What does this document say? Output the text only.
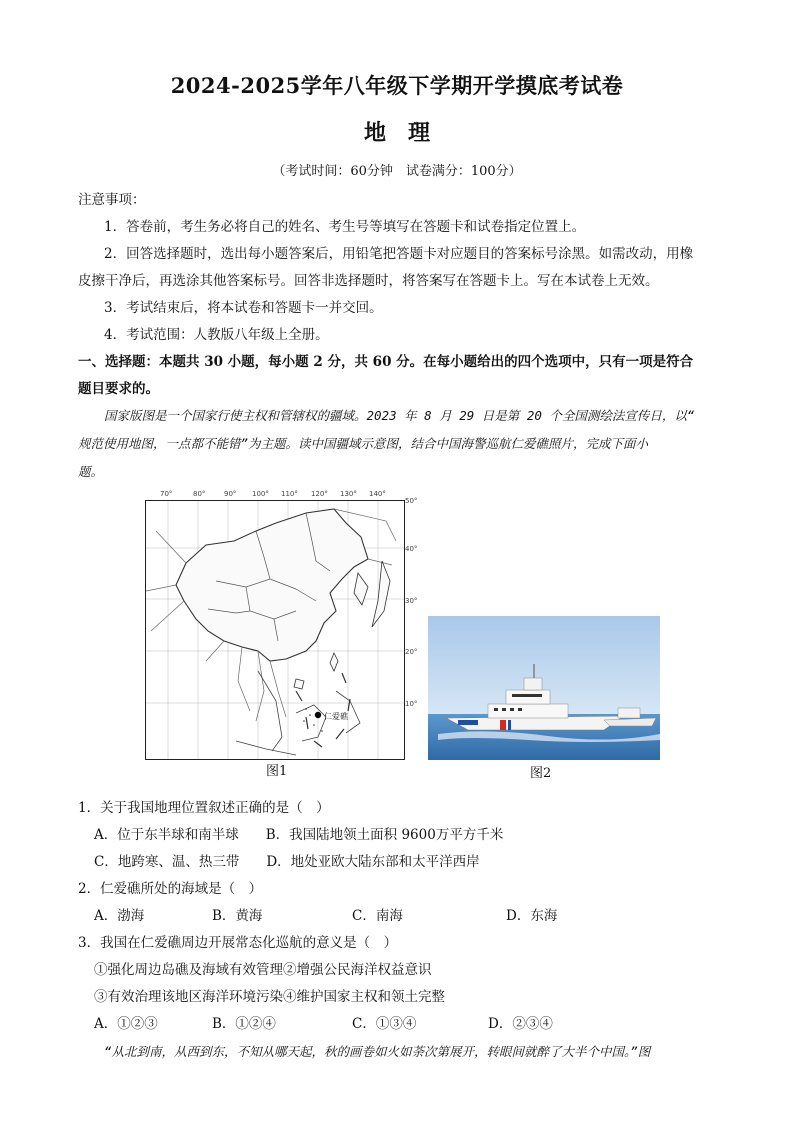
2024-2025学年八年级下学期开学摸底考试卷
地　理
（考试时间：60分钟　试卷满分：100分）
注意事项：
1．答卷前，考生务必将自己的姓名、考生号等填写在答题卡和试卷指定位置上。
2．回答选择题时，选出每小题答案后，用铅笔把答题卡对应题目的答案标号涂黑。如需改动，用橡
皮擦干净后，再选涂其他答案标号。回答非选择题时，将答案写在答题卡上。写在本试卷上无效。
3．考试结束后，将本试卷和答题卡一并交回。
4．考试范围：人教版八年级上全册。
一、选择题：本题共 30 小题，每小题 2 分，共 60 分。在每小题给出的四个选项中，只有一项是符合
题目要求的。
国家版图是一个国家行使主权和管辖权的疆域。2023 年 8 月 29 日是第 20 个全国测绘法宣传日，以“
规范使用地图，一点都不能错”为主题。读中国疆域示意图，结合中国海警巡航仁爱礁照片，完成下面小
题。
70°	80°	90° 100° 110° 120° 130° 140°
50°
40°
30°
20°
10°
仁爱礁
图1	图2
1．关于我国地理位置叙述正确的是（　）
A．位于东半球和南半球　　B．我国陆地领土面积 9600万平方千米
C．地跨寒、温、热三带　　D．地处亚欧大陆东部和太平洋西岸
2．仁爱礁所处的海域是（　）
A．渤海	B．黄海	C．南海	D．东海
3．我国在仁爱礁周边开展常态化巡航的意义是（　）
①强化周边岛礁及海域有效管理②增强公民海洋权益意识
③有效治理该地区海洋环境污染④维护国家主权和领土完整
A．①②③	B．①②④	C．①③④	D．②③④
“从北到南，从西到东，不知从哪天起，秋的画卷如火如荼次第展开，转眼间就醉了大半个中国。”图
